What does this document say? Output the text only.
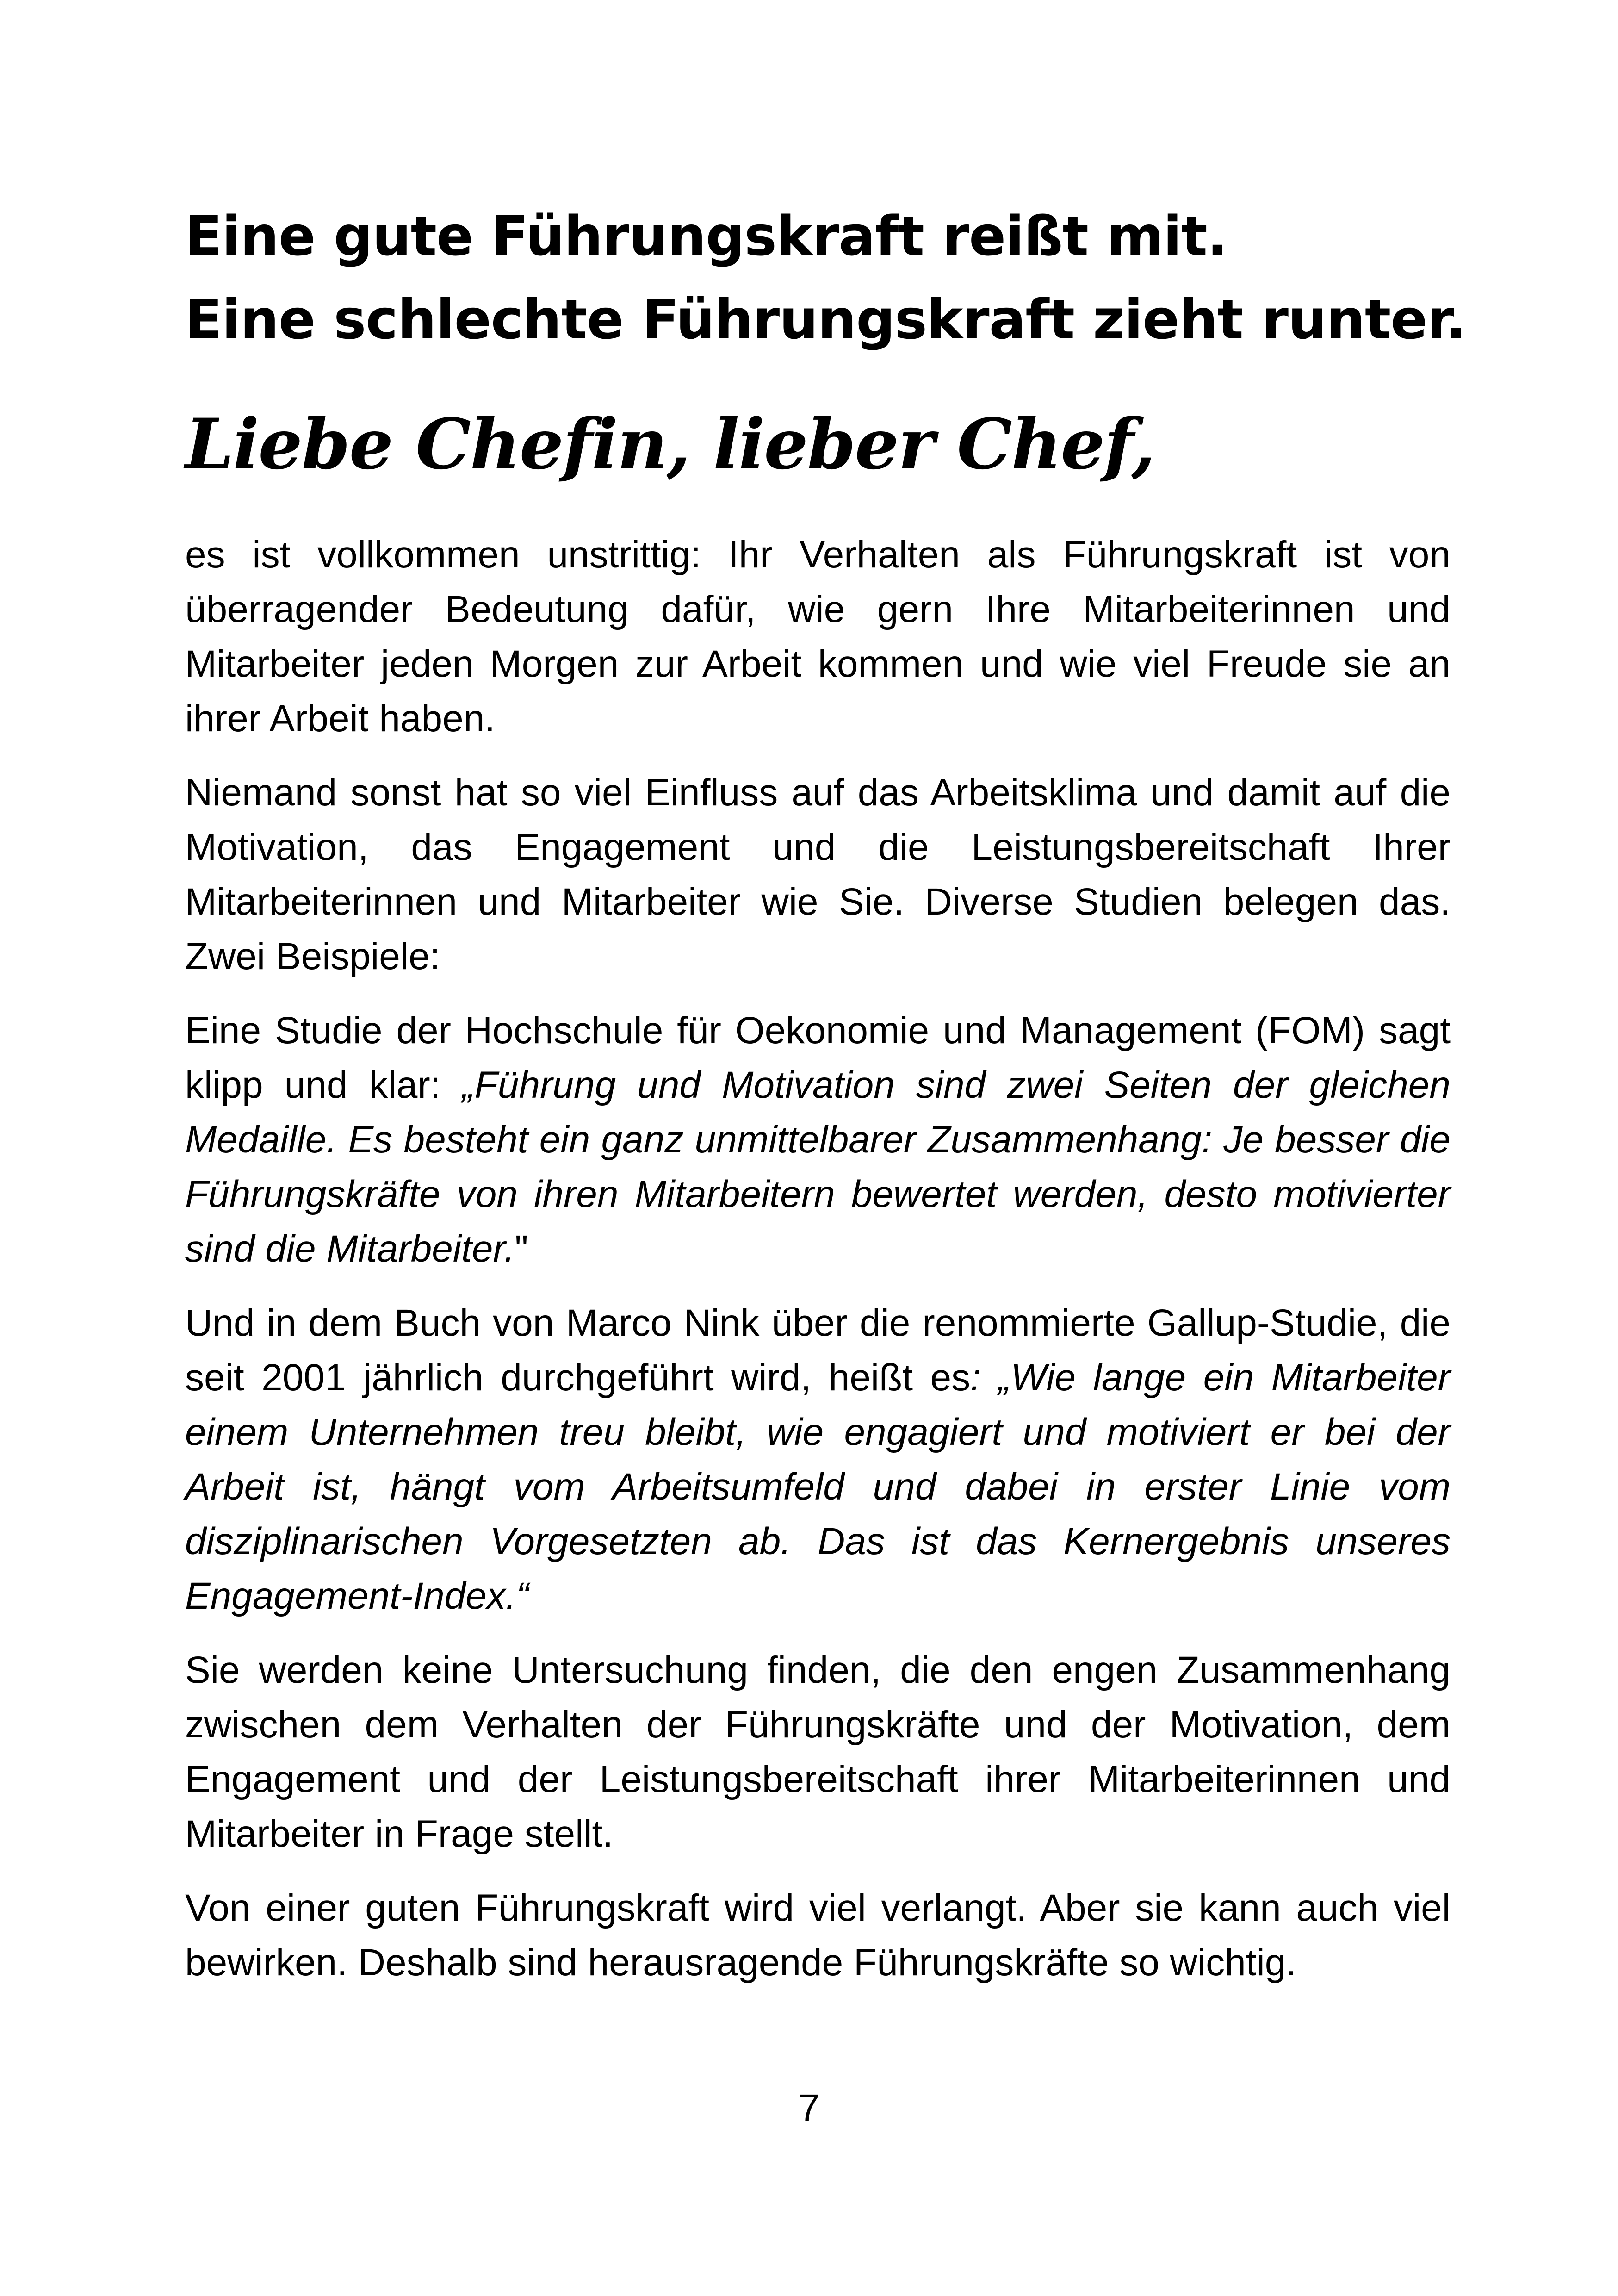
Eine gute Führungskraft reißt mit.
Eine schlechte Führungskraft zieht runter.
Liebe Chefin, lieber Chef,

es ist vollkommen unstrittig: Ihr Verhalten als Führungskraft ist von überragender Bedeutung dafür, wie gern Ihre Mitarbeiterinnen und Mitarbeiter jeden Morgen zur Arbeit kommen und wie viel Freude sie an ihrer Arbeit haben.

Niemand sonst hat so viel Einfluss auf das Arbeitsklima und damit auf die Motivation, das Engagement und die Leistungsbereitschaft Ihrer Mitarbeiterinnen und Mitarbeiter wie Sie. Diverse Studien belegen das. Zwei Beispiele:

Eine Studie der Hochschule für Oekonomie und Management (FOM) sagt klipp und klar: „Führung und Motivation sind zwei Seiten der gleichen Medaille. Es besteht ein ganz unmittelbarer Zusammenhang: Je besser die Führungskräfte von ihren Mitarbeitern bewertet werden, desto motivierter sind die Mitarbeiter."

Und in dem Buch von Marco Nink über die renommierte Gallup-Studie, die seit 2001 jährlich durchgeführt wird, heißt es: „Wie lange ein Mitarbeiter einem Unternehmen treu bleibt, wie engagiert und motiviert er bei der Arbeit ist, hängt vom Arbeitsumfeld und dabei in erster Linie vom disziplinarischen Vorgesetzten ab. Das ist das Kernergebnis unseres Engagement-Index.“

Sie werden keine Untersuchung finden, die den engen Zusammenhang zwischen dem Verhalten der Führungskräfte und der Motivation, dem Engagement und der Leistungsbereitschaft ihrer Mitarbeiterinnen und Mitarbeiter in Frage stellt.

Von einer guten Führungskraft wird viel verlangt. Aber sie kann auch viel bewirken. Deshalb sind herausragende Führungskräfte so wichtig.

7
